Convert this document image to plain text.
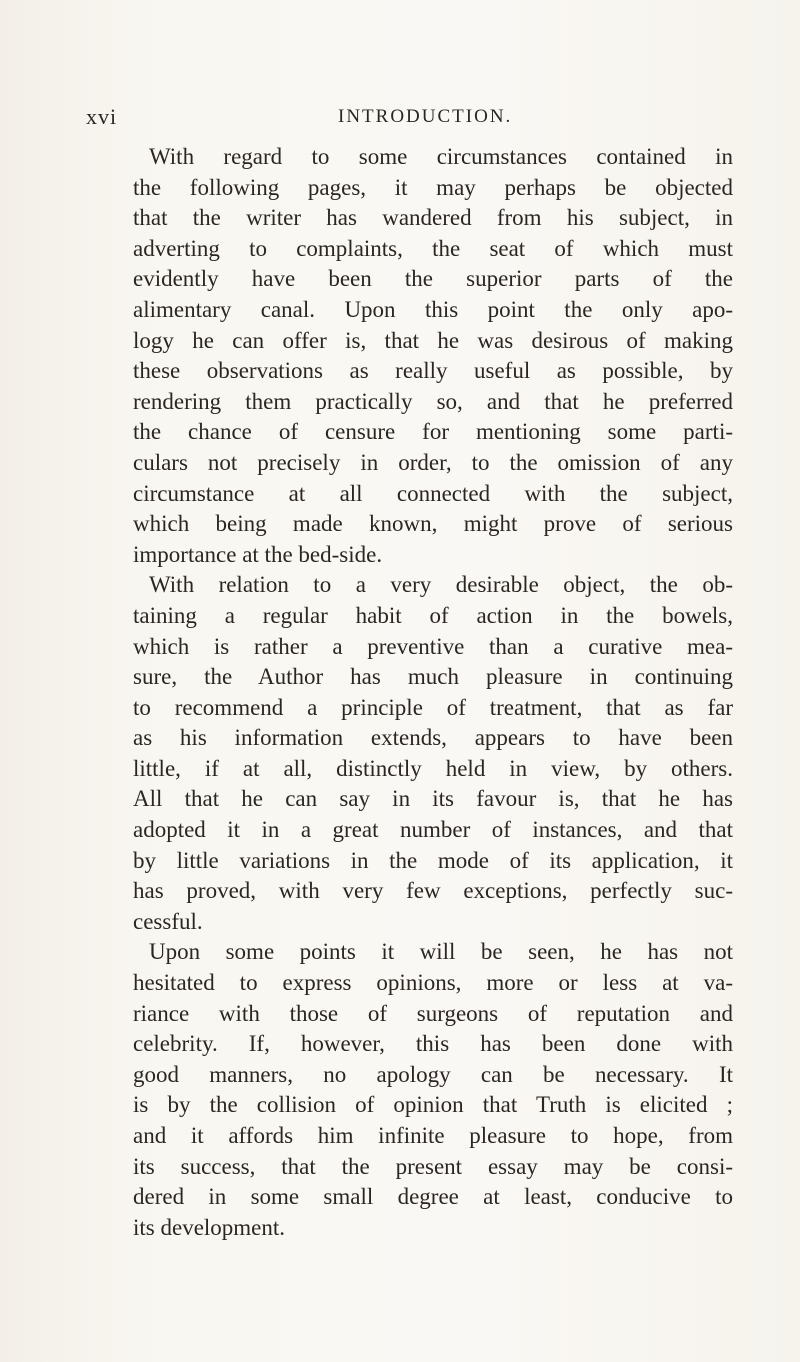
xvi	INTRODUCTION.
With regard to some circumstances contained in
the following pages, it may perhaps be objected
that the writer has wandered from his subject, in
adverting to complaints, the seat of which must
evidently have been the superior parts of the
alimentary canal. Upon this point the only apo-
logy he can offer is, that he was desirous of making
these observations as really useful as possible, by
rendering them practically so, and that he preferred
the chance of censure for mentioning some parti-
culars not precisely in order, to the omission of any
circumstance at all connected with the subject,
which being made known, might prove of serious
importance at the bed-side.
With relation to a very desirable object, the ob-
taining a regular habit of action in the bowels,
which is rather a preventive than a curative mea-
sure, the Author has much pleasure in continuing
to recommend a principle of treatment, that as far
as his information extends, appears to have been
little, if at all, distinctly held in view, by others.
All that he can say in its favour is, that he has
adopted it in a great number of instances, and that
by little variations in the mode of its application, it
has proved, with very few exceptions, perfectly suc-
cessful.
Upon some points it will be seen, he has not
hesitated to express opinions, more or less at va-
riance with those of surgeons of reputation and
celebrity. If, however, this has been done with
good manners, no apology can be necessary. It
is by the collision of opinion that Truth is elicited ;
and it affords him infinite pleasure to hope, from
its success, that the present essay may be consi-
dered in some small degree at least, conducive to
its development.
